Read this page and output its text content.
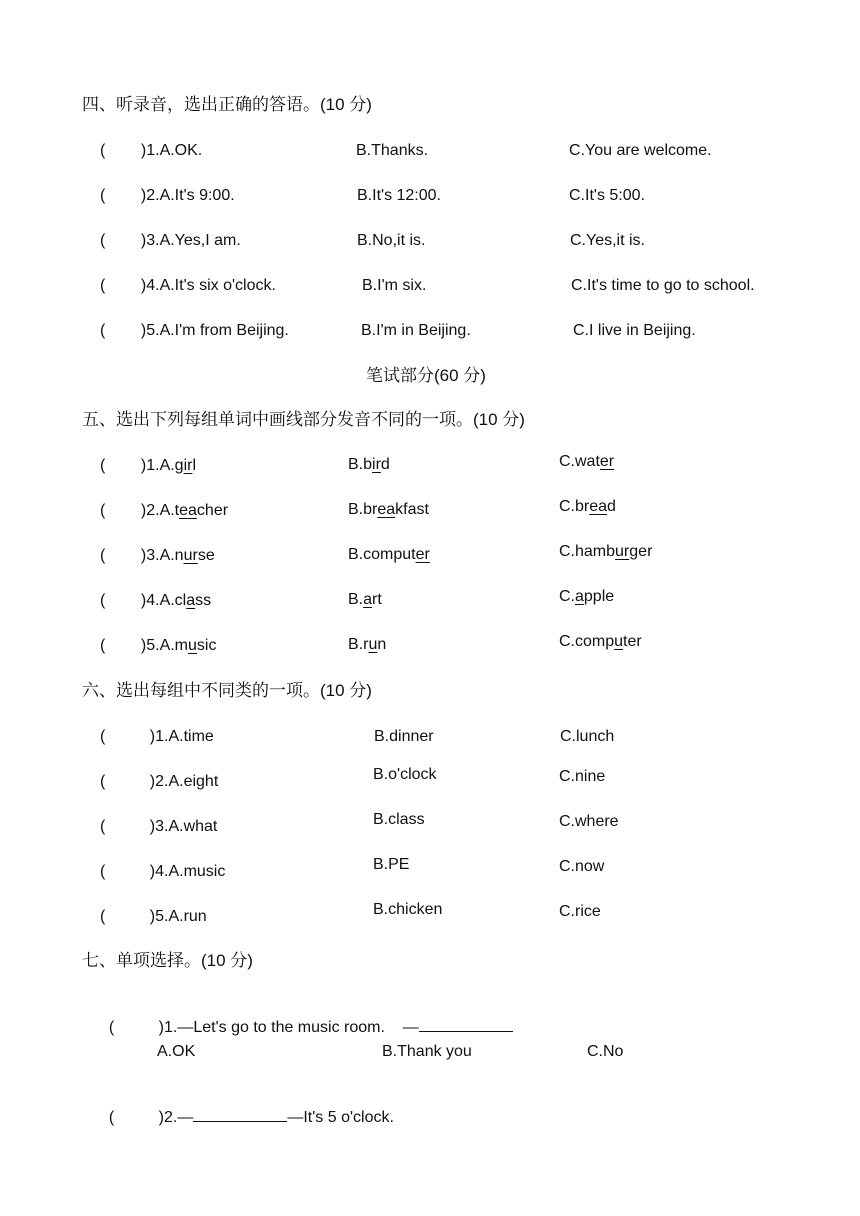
四、听录音，选出正确的答语。(10 分)
(        )1.A.OK.	B.Thanks.	C.You are welcome.
(        )2.A.It's 9:00.	B.It's 12:00.	C.It's 5:00.
(        )3.A.Yes,I am.	B.No,it is.	C.Yes,it is.
(        )4.A.It's six o'clock.	B.I'm six.	C.It's time to go to school.
(        )5.A.I'm from Beijing.	B.I'm in Beijing.	C.I live in Beijing.
笔试部分(60 分)
五、选出下列每组单词中画线部分发音不同的一项。(10 分)
(        )1.A.girl	B.bird	C.water
(        )2.A.teacher	B.breakfast	C.bread
(        )3.A.nurse	B.computer	C.hamburger
(        )4.A.class	B.art	C.apple
(        )5.A.music	B.run	C.computer
六、选出每组中不同类的一项。(10 分)
(          )1.A.time	B.dinner	C.lunch
(          )2.A.eight	B.o'clock	C.nine
(          )3.A.what	B.class	C.where
(          )4.A.music	B.PE	C.now
(          )5.A.run	B.chicken	C.rice
七、单项选择。(10 分)

(          )1.—Let's go to the music room.    —

A.OK	B.Thank you	C.No

(          )2.—	—It's 5 o'clock.
